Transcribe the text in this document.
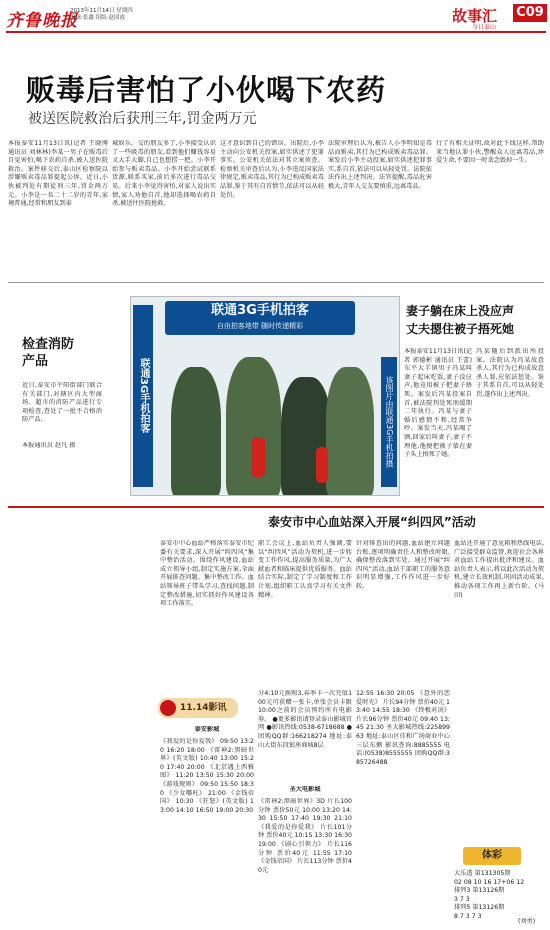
齐鲁晚报
2013年11月14日 星期四
编辑:张鑫 组版:赵国霞	故事汇 C09
今日泰山
贩毒后害怕了小伙喝下农药
被送医院救治后获刑三年,罚金两万元
本报泰安11月13日讯(记者 王晓博 通讯员 刘林林)李某一男子在贩毒后自觉害怕,喝下农药自杀,被人送医院救治。案件移交后,泰山区检察院以涉嫌贩卖毒品罪提起公诉。近日,小伙被判处有期徒刑三年,罚金两万元。小李是一名二十二岁的青年,家境普通,经常和朋友到泰
城娱乐。交的朋友多了,小李接受认识了一些吸毒的朋友,看到他们赚钱容易又大手大脚,自己也想捞一把。小李开始参与贩卖毒品。小李开始尝试联系货源,联系买家,前后多次进行毒品交易。后来小李觉得害怕,对家人说出实情,家人劝他自首,他却选择喝农药自杀,被送往医院抢救。
这才意识到自己的错误。出院后,小李主动向公安机关投案,如实供述了犯罪事实。公安机关依法对其立案侦查。检察机关审查后认为,小李违反国家法律规定,贩卖毒品,其行为已构成贩卖毒品罪,鉴于其有自首情节,依法可以从轻处罚。
法院审理后认为,被告人小李明知是毒品而贩卖,其行为已构成贩卖毒品罪。案发后小李主动投案,如实供述犯罪事实,系自首,依法可以从轻处罚。法院依法作出上述判决。法官提醒,毒品危害极大,青年人交友要慎重,远离毒品。
行了有相关证明,故对此下线这样,帮助来当地认罪小伙,警醒众人远离毒品,珍爱生命,不要因一时贪念毁掉一生。
联通3G手机拍客
自由拍客地带 随时传递精彩
联通3G手机拍客	该图片由联通3G手机拍摄
检查消防产品
近日,泰安市平阳街部门联合有关部门,对辖区内大型商场、超市的消防产品进行专项检查,查处了一批不合格消防产品。
本报通讯员 赵凡 摄
妻子躺在床上没应声
丈夫摁住被子捂死她
本报泰安11月13日讯(记者 郭德彬 通讯员 王蕾)东平大羊镇男子冯某叫妻子起床吃饭,妻子没应声,他竟用被子把妻子捂死。案发后冯某投案自首,被法院判处死刑缓期二年执行。冯某与妻子婚后感情不和,经常争吵。案发当天,冯某喝了酒,回家后叫妻子,妻子不理他,他便把被子蒙在妻子头上捂死了她。
冯某随后到派出所投案。法院认为冯某故意杀人,其行为已构成故意杀人罪,应依法惩处。鉴于其系自首,可以从轻处罚,遂作出上述判决。
泰安市中心血站深入开展“纠四风”活动
泰安市中心血站严格落实泰安市纪委有关要求,深入开展“纠四风”集中整治活动。围绕作风建设,血站成立领导小组,制定实施方案,全面开展排查问题、集中整改工作。血站领导班子带头学习,查找问题,制定整改措施,切实抓好作风建设各项工作落实。
职工会议上,血站负责人强调,要以“纠四风”活动为契机,进一步转变工作作风,提高服务质量,为广大献血者和临床提供优质服务。血站结合实际,制定了学习制度和工作计划,组织职工认真学习有关文件精神。
针对排查出的问题,血站建立问题台账,逐项明确责任人和整改时限,确保整改落到实处。通过开展“纠四风”活动,血站干部职工的服务意识明显增强,工作作风进一步好转。
血站还开通了意见箱和热线电话,广泛接受群众监督,欢迎社会各界对血站工作提出批评和建议。血站负责人表示,将以此次活动为契机,建立长效机制,巩固活动成果,推动各项工作再上新台阶。(马田)
11.14影讯
泰安影城
《我爱的是你爱我》 09:50 13:20 16:20 18:00 《雷神2:黑暗世界》(英文版) 10:40 13:00 15:20 17:40 20:00 《北京遇上西雅图》 11:20 13:50 15:30 20:00 《游戏规则》 09:50 15:50 18:30 《少女哪吒》 21:00 《金钱帝国》 10:30 《狂怒》(英文版) 13:00 14:10 16:50 19:00 20:30
分4:10元换购3,春季卡一次充值100元可获赠一张卡,单张会员卡限10:00之前的会员预约所有电影券。 ●更多影讯请登录泰山影城官网 ●影讯热线:0538-6718688 ●团购QQ群:166218274 地址:泰山大街东段银座商城8层
圣大电影城
《雷神2:黑暗世界》3D 片长100分钟 票价50元 10:00 13:20 14:30 15:50 17:40 19:30 21:10 《我爱的是你爱我》 片长101分钟 票价40元 10:15 13:30 16:30 19:00 《剧心引领力》 片长116分钟 票价40元 11:55 17:10 《金钱帝国》 片长113分钟 票价40元
12:55 16:30 20:05 《意外的恋爱时光》 片长94分钟 票价40元 13:40 14:55 18:30 《终极对决》 片长96分钟 票价40元 09:40 13:45 21:30 圣大影城热线:22589963 地址:泰山区佳和广场商业中心三层东侧 影讯查询:8885555 电话:(0538)8555555 团购QQ群:385726488
体彩
大乐透 第131305期
02 08 10 16 17+06 12
排列3 第13126期
3 7 3
排列5 第13126期
8 7 3 7 3
(刘勇)
